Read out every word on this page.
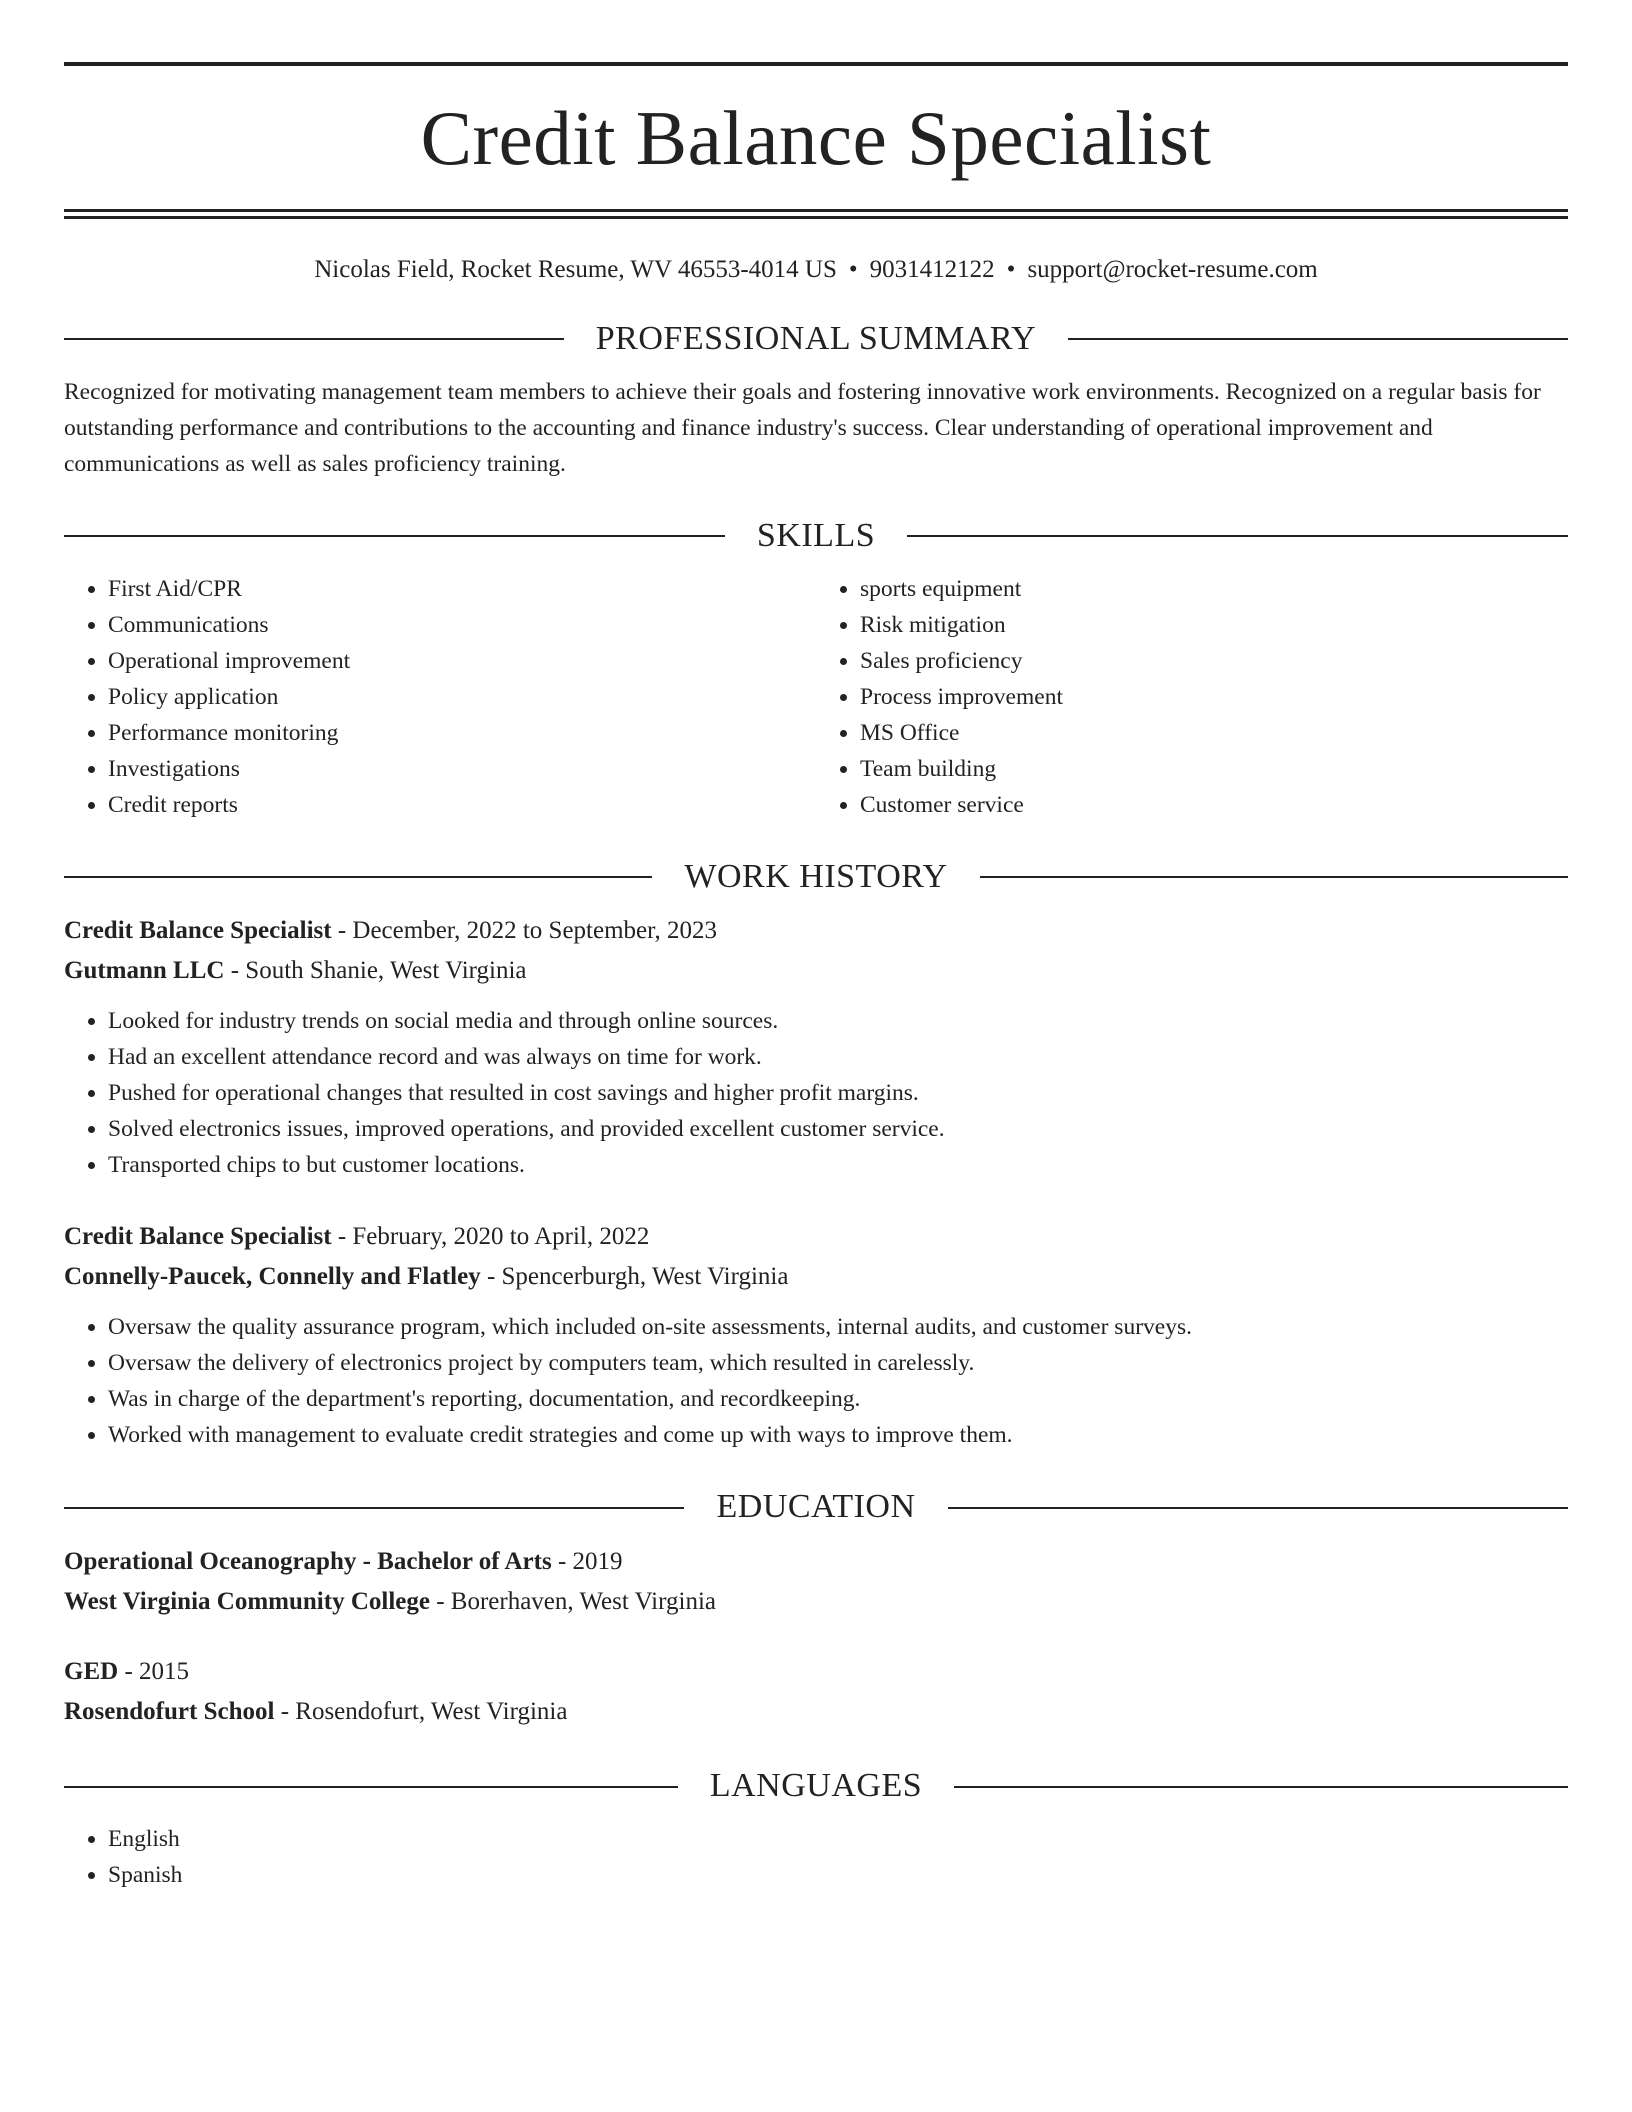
Credit Balance Specialist
Nicolas Field, Rocket Resume, WV 46553-4014 US • 9031412122 • support@rocket-resume.com
PROFESSIONAL SUMMARY

Recognized for motivating management team members to achieve their goals and fostering innovative work environments. Recognized on a regular basis for outstanding performance and contributions to the accounting and finance industry's success. Clear understanding of operational improvement and communications as well as sales proficiency training.

SKILLS
• First Aid/CPR
• Communications
• Operational improvement
• Policy application
• Performance monitoring
• Investigations
• Credit reports
• sports equipment
• Risk mitigation
• Sales proficiency
• Process improvement
• MS Office
• Team building
• Customer service
WORK HISTORY
Credit Balance Specialist - December, 2022 to September, 2023
Gutmann LLC - South Shanie, West Virginia
• Looked for industry trends on social media and through online sources.
• Had an excellent attendance record and was always on time for work.
• Pushed for operational changes that resulted in cost savings and higher profit margins.
• Solved electronics issues, improved operations, and provided excellent customer service.
• Transported chips to but customer locations.
Credit Balance Specialist - February, 2020 to April, 2022
Connelly-Paucek, Connelly and Flatley - Spencerburgh, West Virginia
• Oversaw the quality assurance program, which included on-site assessments, internal audits, and customer surveys.
• Oversaw the delivery of electronics project by computers team, which resulted in carelessly.
• Was in charge of the department's reporting, documentation, and recordkeeping.
• Worked with management to evaluate credit strategies and come up with ways to improve them.
EDUCATION
Operational Oceanography - Bachelor of Arts - 2019
West Virginia Community College - Borerhaven, West Virginia
GED - 2015
Rosendofurt School - Rosendofurt, West Virginia
LANGUAGES
• English
• Spanish
